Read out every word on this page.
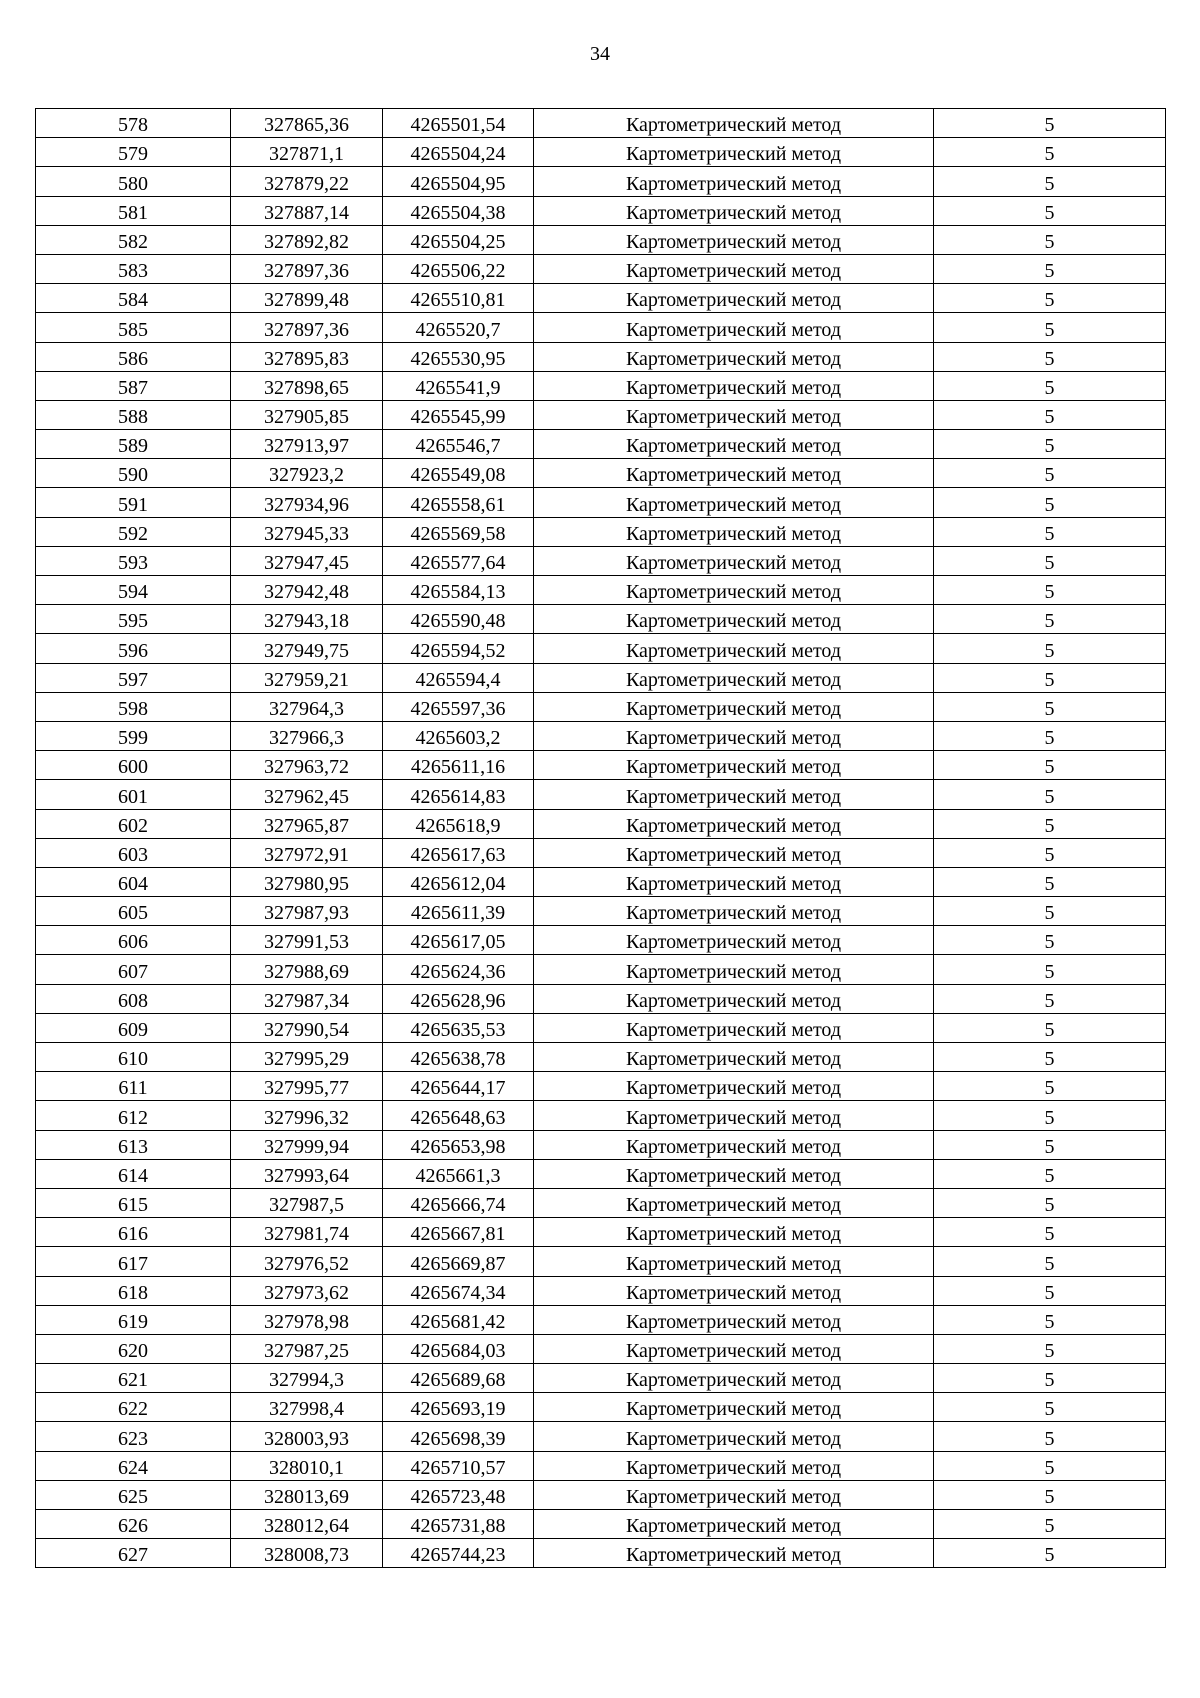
34
578	327865,36	4265501,54	Картометрический метод	5
579	327871,1	4265504,24	Картометрический метод	5
580	327879,22	4265504,95	Картометрический метод	5
581	327887,14	4265504,38	Картометрический метод	5
582	327892,82	4265504,25	Картометрический метод	5
583	327897,36	4265506,22	Картометрический метод	5
584	327899,48	4265510,81	Картометрический метод	5
585	327897,36	4265520,7	Картометрический метод	5
586	327895,83	4265530,95	Картометрический метод	5
587	327898,65	4265541,9	Картометрический метод	5
588	327905,85	4265545,99	Картометрический метод	5
589	327913,97	4265546,7	Картометрический метод	5
590	327923,2	4265549,08	Картометрический метод	5
591	327934,96	4265558,61	Картометрический метод	5
592	327945,33	4265569,58	Картометрический метод	5
593	327947,45	4265577,64	Картометрический метод	5
594	327942,48	4265584,13	Картометрический метод	5
595	327943,18	4265590,48	Картометрический метод	5
596	327949,75	4265594,52	Картометрический метод	5
597	327959,21	4265594,4	Картометрический метод	5
598	327964,3	4265597,36	Картометрический метод	5
599	327966,3	4265603,2	Картометрический метод	5
600	327963,72	4265611,16	Картометрический метод	5
601	327962,45	4265614,83	Картометрический метод	5
602	327965,87	4265618,9	Картометрический метод	5
603	327972,91	4265617,63	Картометрический метод	5
604	327980,95	4265612,04	Картометрический метод	5
605	327987,93	4265611,39	Картометрический метод	5
606	327991,53	4265617,05	Картометрический метод	5
607	327988,69	4265624,36	Картометрический метод	5
608	327987,34	4265628,96	Картометрический метод	5
609	327990,54	4265635,53	Картометрический метод	5
610	327995,29	4265638,78	Картометрический метод	5
611	327995,77	4265644,17	Картометрический метод	5
612	327996,32	4265648,63	Картометрический метод	5
613	327999,94	4265653,98	Картометрический метод	5
614	327993,64	4265661,3	Картометрический метод	5
615	327987,5	4265666,74	Картометрический метод	5
616	327981,74	4265667,81	Картометрический метод	5
617	327976,52	4265669,87	Картометрический метод	5
618	327973,62	4265674,34	Картометрический метод	5
619	327978,98	4265681,42	Картометрический метод	5
620	327987,25	4265684,03	Картометрический метод	5
621	327994,3	4265689,68	Картометрический метод	5
622	327998,4	4265693,19	Картометрический метод	5
623	328003,93	4265698,39	Картометрический метод	5
624	328010,1	4265710,57	Картометрический метод	5
625	328013,69	4265723,48	Картометрический метод	5
626	328012,64	4265731,88	Картометрический метод	5
627	328008,73	4265744,23	Картометрический метод	5
